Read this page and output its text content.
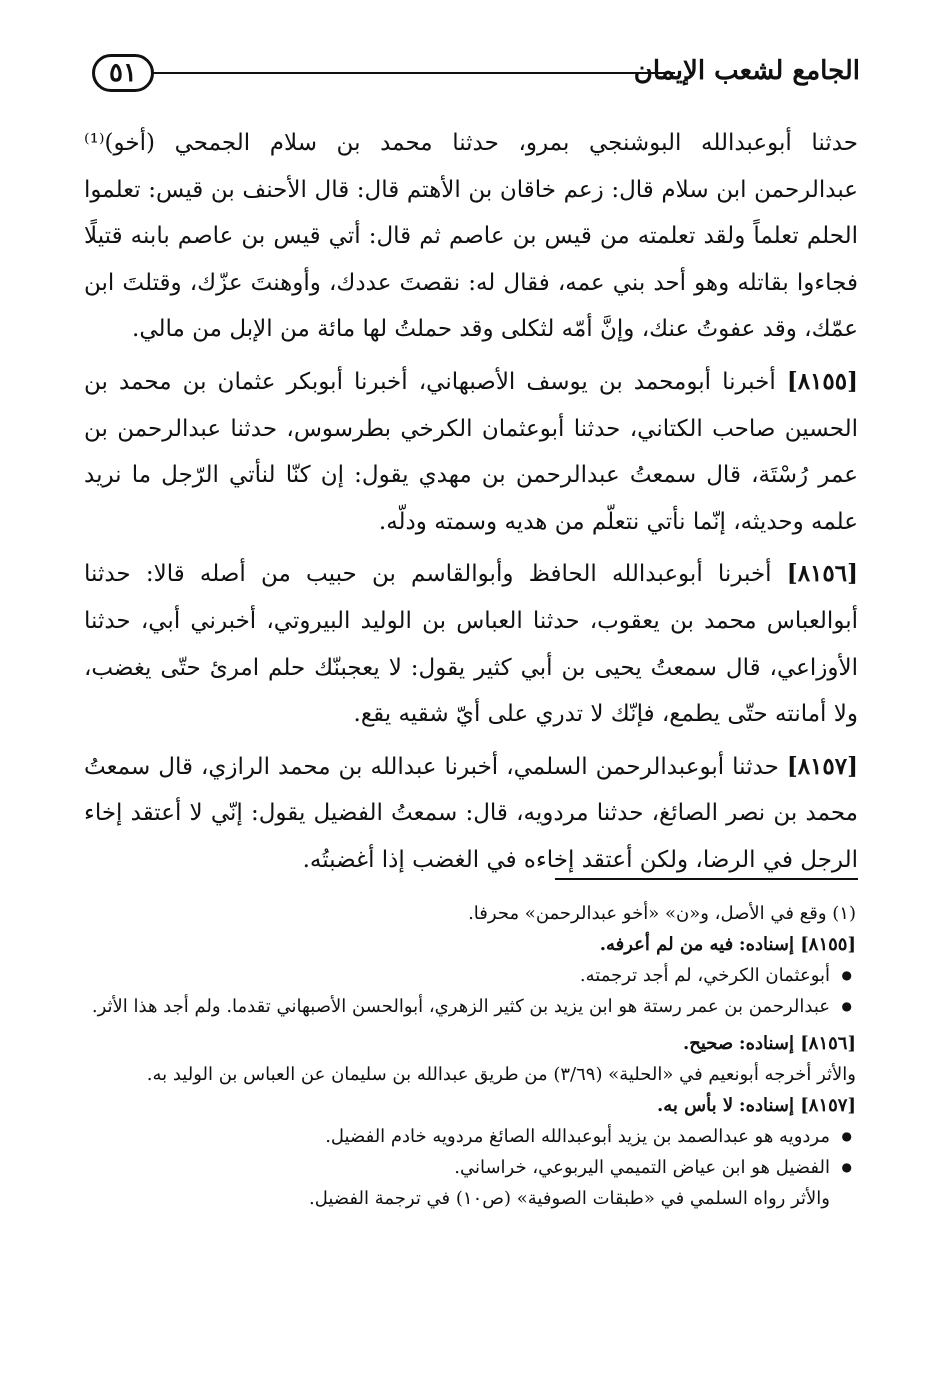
٥١	الجامع لشعب الإيمان

حدثنا أبوعبدالله البوشنجي بمرو، حدثنا محمد بن سلام الجمحي (أخو)⁽¹⁾ عبدالرحمن ابن سلام قال: زعم خاقان بن الأهتم قال: قال الأحنف بن قيس: تعلموا الحلم تعلماً ولقد تعلمته من قيس بن عاصم ثم قال: أتي قيس بن عاصم بابنه قتيلًا فجاءوا بقاتله وهو أحد بني عمه، فقال له: نقصتَ عددك، وأوهنتَ عزّك، وقتلتَ ابن عمّك، وقد عفوتُ عنك، وإنَّ أمّه لثكلى وقد حملتُ لها مائة من الإبل من مالي.

[٨١٥٥] أخبرنا أبومحمد بن يوسف الأصبهاني، أخبرنا أبوبكر عثمان بن محمد بن الحسين صاحب الكتاني، حدثنا أبوعثمان الكرخي بطرسوس، حدثنا عبدالرحمن بن عمر رُسْتَة، قال سمعتُ عبدالرحمن بن مهدي يقول: إن كنّا لنأتي الرّجل ما نريد علمه وحديثه، إنّما نأتي نتعلّم من هديه وسمته ودلّه.

[٨١٥٦] أخبرنا أبوعبدالله الحافظ وأبوالقاسم بن حبيب من أصله قالا: حدثنا أبوالعباس محمد بن يعقوب، حدثنا العباس بن الوليد البيروتي، أخبرني أبي، حدثنا الأوزاعي، قال سمعتُ يحيى بن أبي كثير يقول: لا يعجبنّك حلم امرئ حتّى يغضب، ولا أمانته حتّى يطمع، فإنّك لا تدري على أيّ شقيه يقع.

[٨١٥٧] حدثنا أبوعبدالرحمن السلمي، أخبرنا عبدالله بن محمد الرازي، قال سمعتُ محمد بن نصر الصائغ، حدثنا مردويه، قال: سمعتُ الفضيل يقول: إنّي لا أعتقد إخاء الرجل في الرضا، ولكن أعتقد إخاءه في الغضب إذا أغضبتُه.

(١) وقع في الأصل، و«ن» «أخو عبدالرحمن» محرفا.

[٨١٥٥] إسناده: فيه من لم أعرفه.

● أبوعثمان الكرخي، لم أجد ترجمته.
● عبدالرحمن بن عمر رستة هو ابن يزيد بن كثير الزهري، أبوالحسن الأصبهاني تقدما. ولم أجد هذا الأثر.

[٨١٥٦] إسناده: صحيح.

والأثر أخرجه أبونعيم في «الحلية» (٣/٦٩) من طريق عبدالله بن سليمان عن العباس بن الوليد به.

[٨١٥٧] إسناده: لا بأس به.

● مردويه هو عبدالصمد بن يزيد أبوعبدالله الصائغ مردويه خادم الفضيل.
● الفضيل هو ابن عياض التميمي اليربوعي، خراساني.

والأثر رواه السلمي في «طبقات الصوفية» (ص١٠) في ترجمة الفضيل.
